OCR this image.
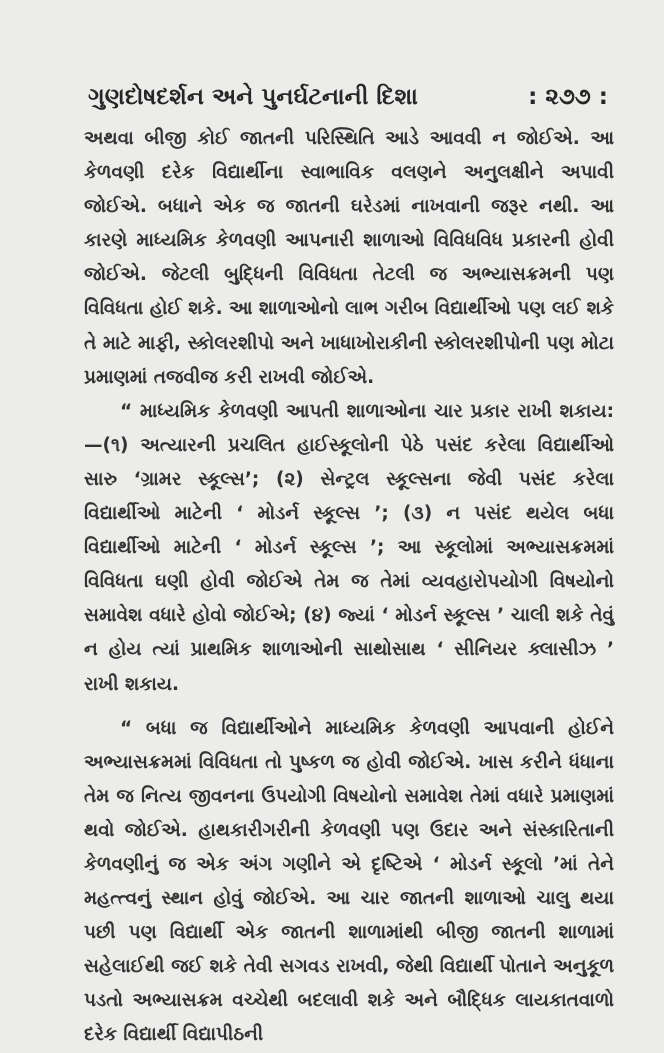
ગુણદોષદર્શન અને પુનર્ઘટનાની દિશા	: ૨૭૭ :

અથવા બીજી કોઈ જાતની પરિસ્થિતિ આડે આવવી ન જોઈએ. આ કેળવણી દરેક વિદ્યાર્થીના સ્વાભાવિક વલણને અનુલક્ષીને અપાવી જોઈએ. બધાને એક જ જાતની ઘરેડમાં નાખવાની જરૂર નથી. આ કારણે માધ્યમિક કેળવણી આપનારી શાળાઓ વિવિધવિધ પ્રકારની હોવી જોઈએ. જેટલી બુદ્ધિની વિવિધતા તેટલી જ અભ્યાસક્રમની પણ વિવિધતા હોઈ શકે. આ શાળાઓનો લાભ ગરીબ વિદ્યાર્થીઓ પણ લઈ શકે તે માટે માફી, સ્કોલરશીપો અને ખાધાખોરાકીની સ્કોલરશીપોની પણ મોટા પ્રમાણમાં તજવીજ કરી રાખવી જોઈએ.

“ માધ્યમિક કેળવણી આપતી શાળાઓના ચાર પ્રકાર રાખી શકાય:—(૧) અત્યારની પ્રચલિત હાઈસ્કૂલોની પેઠે પસંદ કરેલા વિદ્યાર્થીઓ સારુ ‘ગ્રામર સ્કૂલ્સ’; (૨) સેન્ટ્રલ સ્કૂલ્સના જેવી પસંદ કરેલા વિદ્યાર્થીઓ માટેની ‘ મોડર્ન સ્કૂલ્સ ’; (૩) ન પસંદ થયેલ બધા વિદ્યાર્થીઓ માટેની ‘ મોડર્ન સ્કૂલ્સ ’; આ સ્કૂલોમાં અભ્યાસક્રમમાં વિવિધતા ઘણી હોવી જોઈએ તેમ જ તેમાં વ્યવહારોપયોગી વિષયોનો સમાવેશ વધારે હોવો જોઈએ; (૪) જ્યાં ‘ મોડર્ન સ્કૂલ્સ ’ ચાલી શકે તેવું ન હોય ત્યાં પ્રાથમિક શાળાઓની સાથોસાથ ‘ સીનિયર ક્લાસીઝ ’ રાખી શકાય.

“ બધા જ વિદ્યાર્થીઓને માધ્યમિક કેળવણી આપવાની હોઈને અભ્યાસક્રમમાં વિવિધતા તો પુષ્કળ જ હોવી જોઈએ. ખાસ કરીને ધંધાના તેમ જ નિત્ય જીવનના ઉપયોગી વિષયોનો સમાવેશ તેમાં વધારે પ્રમાણમાં થવો જોઈએ. હાથકારીગરીની કેળવણી પણ ઉદાર અને સંસ્કારિતાની કેળવણીનું જ એક અંગ ગણીને એ દૃષ્ટિએ ‘ મોડર્ન સ્કૂલો ’માં તેને મહત્ત્વનું સ્થાન હોવું જોઈએ. આ ચાર જાતની શાળાઓ ચાલુ થયા પછી પણ વિદ્યાર્થી એક જાતની શાળામાંથી બીજી જાતની શાળામાં સહેલાઈથી જઈ શકે તેવી સગવડ રાખવી, જેથી વિદ્યાર્થી પોતાને અનુકૂળ પડતો અભ્યાસક્રમ વચ્ચેથી બદલાવી શકે અને બૌદ્ધિક લાયકાતવાળો દરેક વિદ્યાર્થી વિદ્યાપીઠની
